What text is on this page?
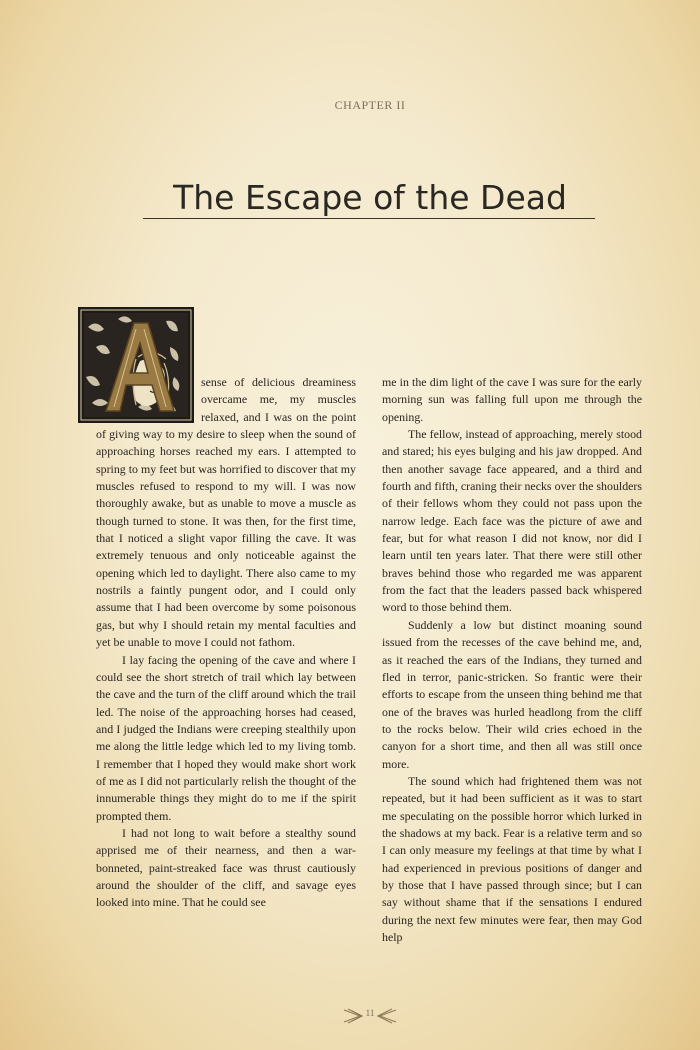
CHAPTER II
The Escape of the Dead

sense of delicious dreaminess overcame me, my muscles relaxed, and I was on the point of giving way to my desire to sleep when the sound of approaching horses reached my ears. I attempted to spring to my feet but was horrified to discover that my muscles refused to respond to my will. I was now thoroughly awake, but as unable to move a muscle as though turned to stone. It was then, for the first time, that I noticed a slight vapor filling the cave. It was extremely tenuous and only noticeable against the opening which led to daylight. There also came to my nostrils a faintly pungent odor, and I could only assume that I had been overcome by some poisonous gas, but why I should retain my mental faculties and yet be unable to move I could not fathom.

I lay facing the opening of the cave and where I could see the short stretch of trail which lay between the cave and the turn of the cliff around which the trail led. The noise of the approaching horses had ceased, and I judged the Indians were creeping stealthily upon me along the little ledge which led to my living tomb. I remember that I hoped they would make short work of me as I did not particularly relish the thought of the innumerable things they might do to me if the spirit prompted them.

I had not long to wait before a stealthy sound apprised me of their nearness, and then a war-bonneted, paint-streaked face was thrust cautiously around the shoulder of the cliff, and savage eyes looked into mine. That he could see

me in the dim light of the cave I was sure for the early morning sun was falling full upon me through the opening.

The fellow, instead of approaching, merely stood and stared; his eyes bulging and his jaw dropped. And then another savage face appeared, and a third and fourth and fifth, craning their necks over the shoulders of their fellows whom they could not pass upon the narrow ledge. Each face was the picture of awe and fear, but for what reason I did not know, nor did I learn until ten years later. That there were still other braves behind those who regarded me was apparent from the fact that the leaders passed back whispered word to those behind them.

Suddenly a low but distinct moaning sound issued from the recesses of the cave behind me, and, as it reached the ears of the Indians, they turned and fled in terror, panic-stricken. So frantic were their efforts to escape from the unseen thing behind me that one of the braves was hurled headlong from the cliff to the rocks below. Their wild cries echoed in the canyon for a short time, and then all was still once more.

The sound which had frightened them was not repeated, but it had been sufficient as it was to start me speculating on the possible horror which lurked in the shadows at my back. Fear is a relative term and so I can only measure my feelings at that time by what I had experienced in previous positions of danger and by those that I have passed through since; but I can say without shame that if the sensations I endured during the next few minutes were fear, then may God help

11
